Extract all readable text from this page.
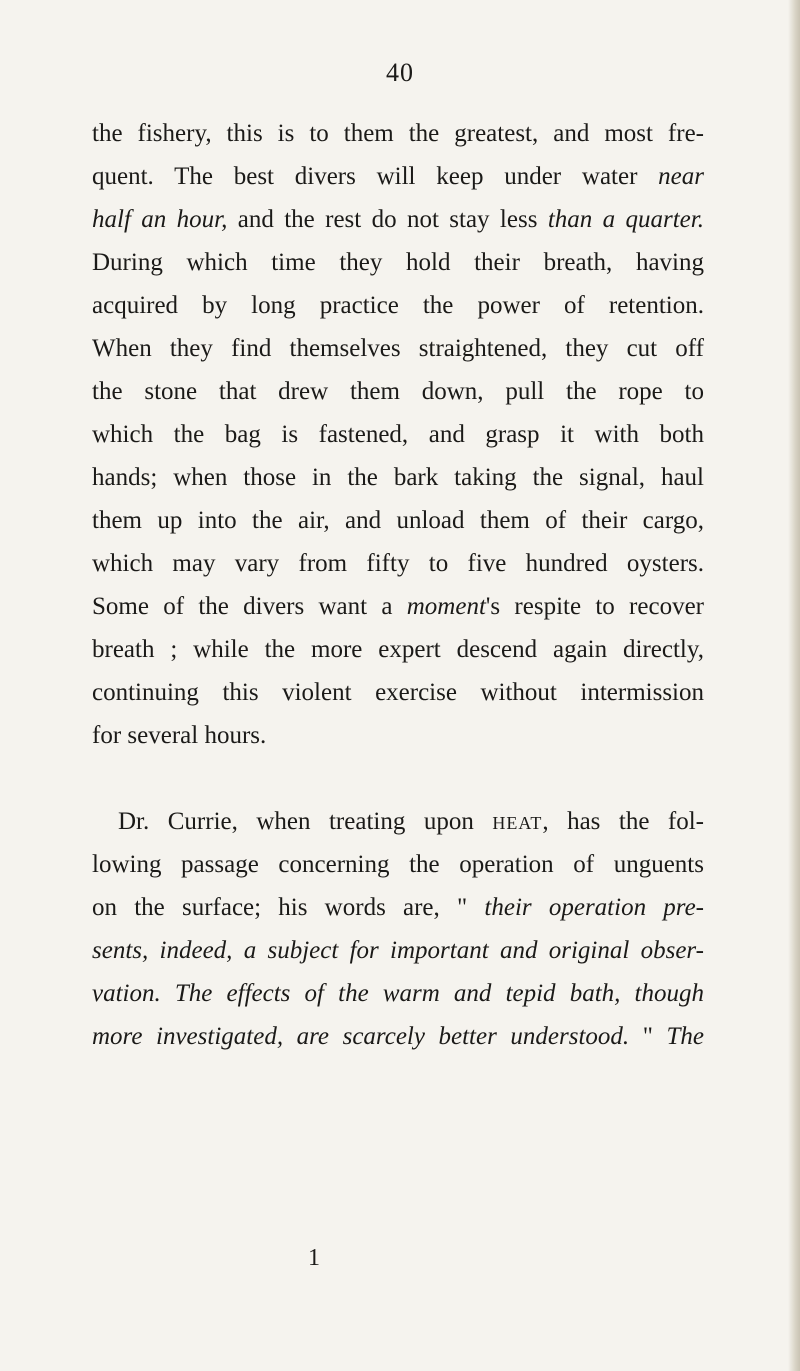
40
the fishery, this is to them the greatest, and most fre-
quent. The best divers will keep under water near
half an hour, and the rest do not stay less than a quarter.
During which time they hold their breath, having
acquired by long practice the power of retention.
When they find themselves straightened, they cut off
the stone that drew them down, pull the rope to
which the bag is fastened, and grasp it with both
hands; when those in the bark taking the signal, haul
them up into the air, and unload them of their cargo,
which may vary from fifty to five hundred oysters.
Some of the divers want a moment's respite to recover
breath ; while the more expert descend again directly,
continuing this violent exercise without intermission
for several hours.
Dr. Currie, when treating upon heat, has the fol-
lowing passage concerning the operation of unguents
on the surface; his words are, " their operation pre-
sents, indeed, a subject for important and original obser-
vation. The effects of the warm and tepid bath, though
more investigated, are scarcely better understood. " The
1
